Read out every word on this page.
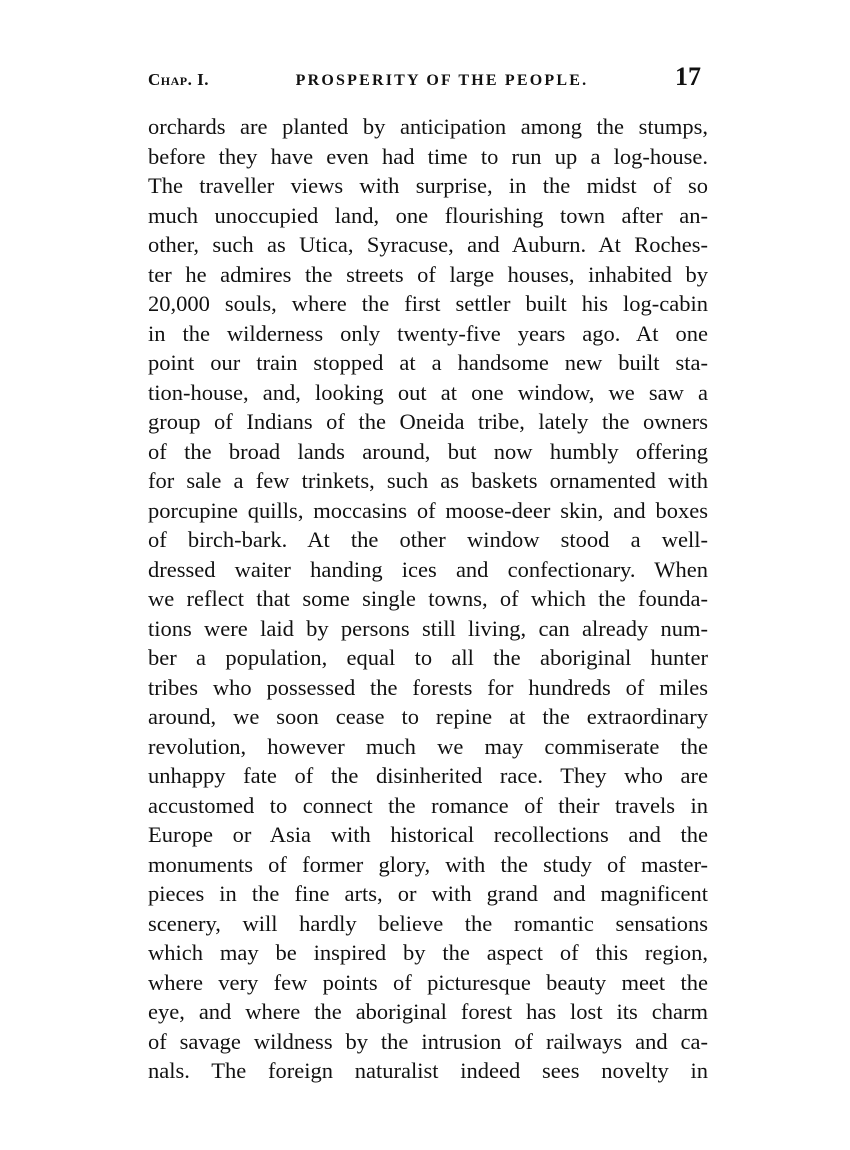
Chap. I.	PROSPERITY OF THE PEOPLE.	17
orchards are planted by anticipation among the stumps,
before they have even had time to run up a log-house.
The traveller views with surprise, in the midst of so
much unoccupied land, one flourishing town after an-
other, such as Utica, Syracuse, and Auburn. At Roches-
ter he admires the streets of large houses, inhabited by
20,000 souls, where the first settler built his log-cabin
in the wilderness only twenty-five years ago. At one
point our train stopped at a handsome new built sta-
tion-house, and, looking out at one window, we saw a
group of Indians of the Oneida tribe, lately the owners
of the broad lands around, but now humbly offering
for sale a few trinkets, such as baskets ornamented with
porcupine quills, moccasins of moose-deer skin, and boxes
of birch-bark. At the other window stood a well-
dressed waiter handing ices and confectionary. When
we reflect that some single towns, of which the founda-
tions were laid by persons still living, can already num-
ber a population, equal to all the aboriginal hunter
tribes who possessed the forests for hundreds of miles
around, we soon cease to repine at the extraordinary
revolution, however much we may commiserate the
unhappy fate of the disinherited race. They who are
accustomed to connect the romance of their travels in
Europe or Asia with historical recollections and the
monuments of former glory, with the study of master-
pieces in the fine arts, or with grand and magnificent
scenery, will hardly believe the romantic sensations
which may be inspired by the aspect of this region,
where very few points of picturesque beauty meet the
eye, and where the aboriginal forest has lost its charm
of savage wildness by the intrusion of railways and ca-
nals. The foreign naturalist indeed sees novelty in
